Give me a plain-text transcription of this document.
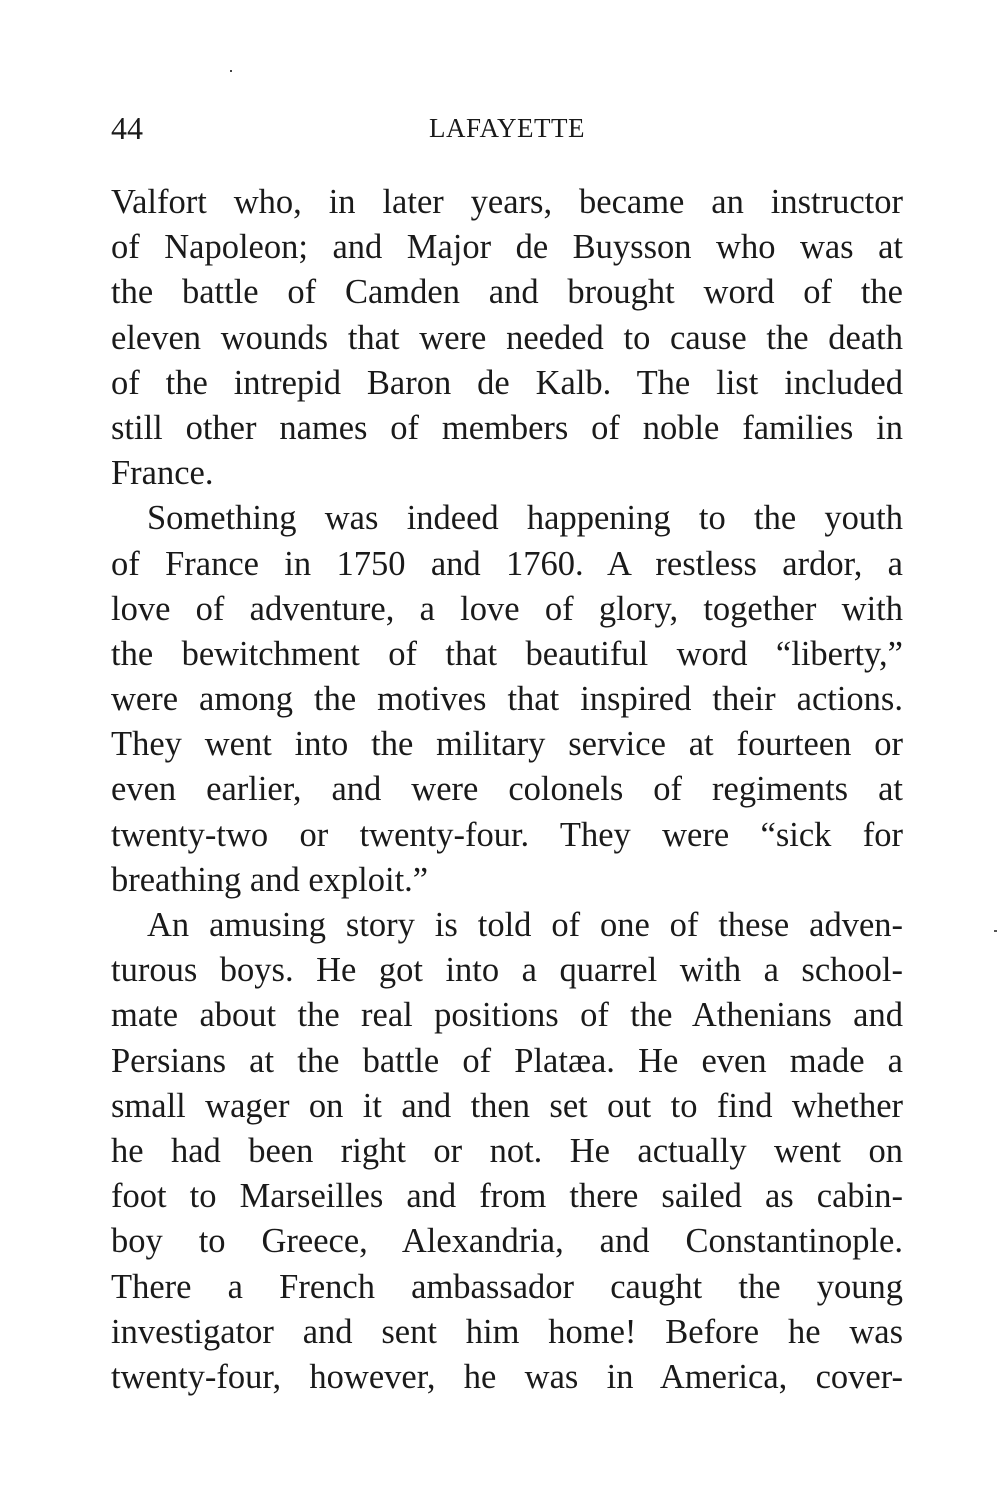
44	LAFAYETTE
Valfort who, in later years, became an instructor
of Napoleon; and Major de Buysson who was at
the battle of Camden and brought word of the
eleven wounds that were needed to cause the death
of the intrepid Baron de Kalb. The list included
still other names of members of noble families in
France.
Something was indeed happening to the youth
of France in 1750 and 1760. A restless ardor, a
love of adventure, a love of glory, together with
the bewitchment of that beautiful word “liberty,”
were among the motives that inspired their actions.
They went into the military service at fourteen or
even earlier, and were colonels of regiments at
twenty-two or twenty-four. They were “sick for
breathing and exploit.”
An amusing story is told of one of these adven-
turous boys. He got into a quarrel with a school-
mate about the real positions of the Athenians and
Persians at the battle of Platæa. He even made a
small wager on it and then set out to find whether
he had been right or not. He actually went on
foot to Marseilles and from there sailed as cabin-
boy to Greece, Alexandria, and Constantinople.
There a French ambassador caught the young
investigator and sent him home! Before he was
twenty-four, however, he was in America, cover-
